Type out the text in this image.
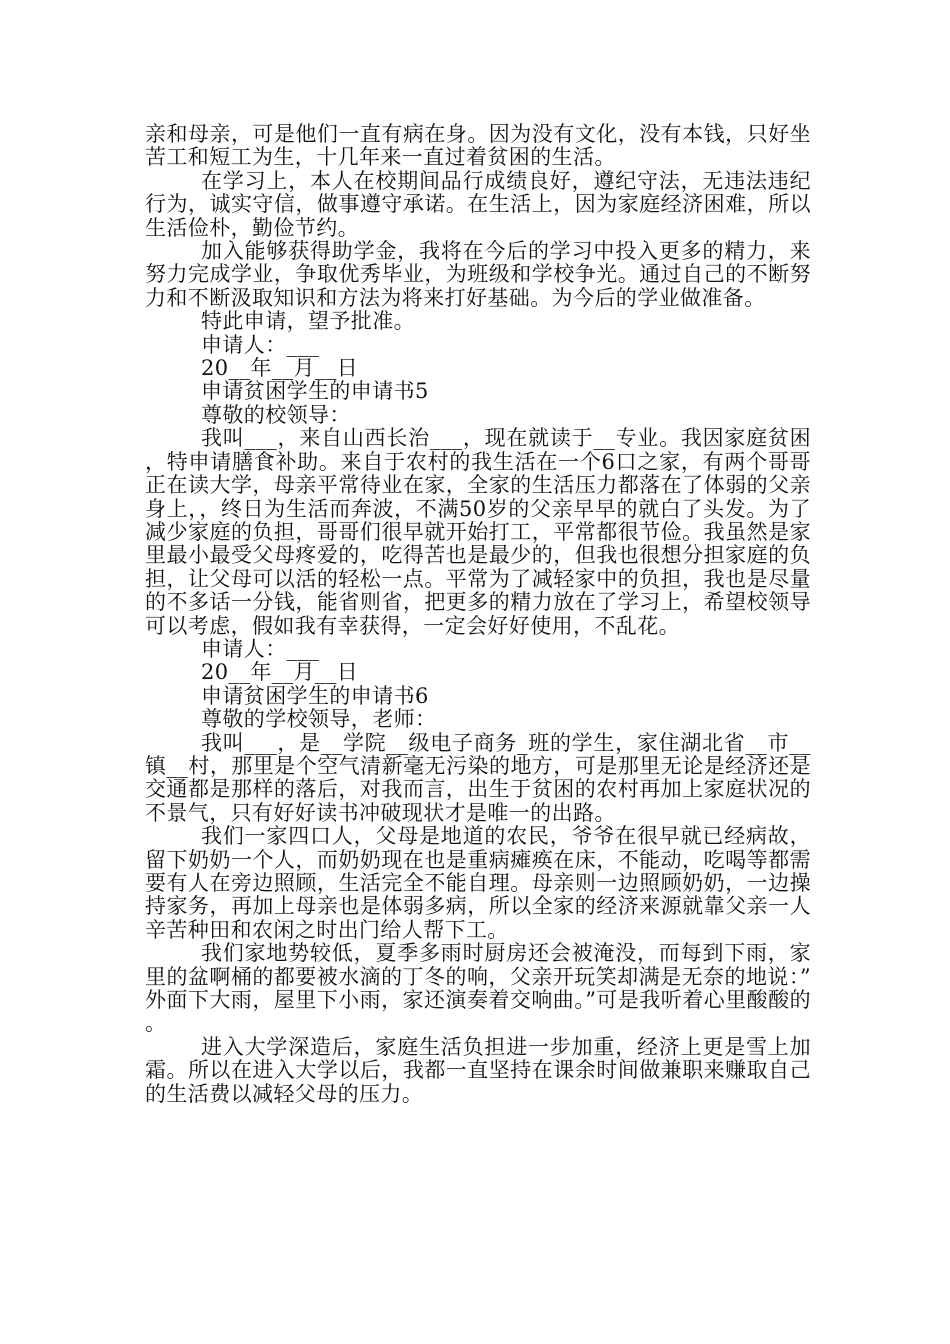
亲和母亲，可是他们一直有病在身。因为没有文化，没有本钱，只好坐苦工和短工为生，十几年来一直过着贫困的生活。

在学习上，本人在校期间品行成绩良好，遵纪守法，无违法违纪行为，诚实守信，做事遵守承诺。在生活上，因为家庭经济困难，所以生活俭朴，勤俭节约。

加入能够获得助学金，我将在今后的学习中投入更多的精力，来努力完成学业，争取优秀毕业，为班级和学校争光。通过自己的不断努力和不断汲取知识和方法为将来打好基础。为今后的学业做准备。

特此申请，望予批准。

申请人：___

20__年__月__日

申请贫困学生的申请书5

尊敬的校领导：

我叫___，来自山西长治___，现在就读于__专业。我因家庭贫困，特申请膳食补助。来自于农村的我生活在一个6口之家，有两个哥哥正在读大学，母亲平常待业在家，全家的生活压力都落在了体弱的父亲身上，，终日为生活而奔波，不满50岁的父亲早早的就白了头发。为了减少家庭的负担，哥哥们很早就开始打工，平常都很节俭。我虽然是家里最小最受父母疼爱的，吃得苦也是最少的，但我也很想分担家庭的负担，让父母可以活的轻松一点。平常为了减轻家中的负担，我也是尽量的不多话一分钱，能省则省，把更多的精力放在了学习上，希望校领导可以考虑，假如我有幸获得，一定会好好使用，不乱花。

申请人：___

20__年__月__日

申请贫困学生的申请书6

尊敬的学校领导，老师：

我叫___，是__学院__级电子商务_班的学生，家住湖北省__市__镇__村，那里是个空气清新毫无污染的地方，可是那里无论是经济还是交通都是那样的落后，对我而言，出生于贫困的农村再加上家庭状况的不景气，只有好好读书冲破现状才是唯一的出路。

我们一家四口人，父母是地道的农民，爷爷在很早就已经病故，留下奶奶一个人，而奶奶现在也是重病瘫痪在床，不能动，吃喝等都需要有人在旁边照顾，生活完全不能自理。母亲则一边照顾奶奶，一边操持家务，再加上母亲也是体弱多病，所以全家的经济来源就靠父亲一人辛苦种田和农闲之时出门给人帮下工。

我们家地势较低，夏季多雨时厨房还会被淹没，而每到下雨，家里的盆啊桶的都要被水滴的丁冬的响，父亲开玩笑却满是无奈的地说：”外面下大雨，屋里下小雨，家还演奏着交响曲。”可是我听着心里酸酸的。

进入大学深造后，家庭生活负担进一步加重，经济上更是雪上加霜。所以在进入大学以后，我都一直坚持在课余时间做兼职来赚取自己的生活费以减轻父母的压力。
